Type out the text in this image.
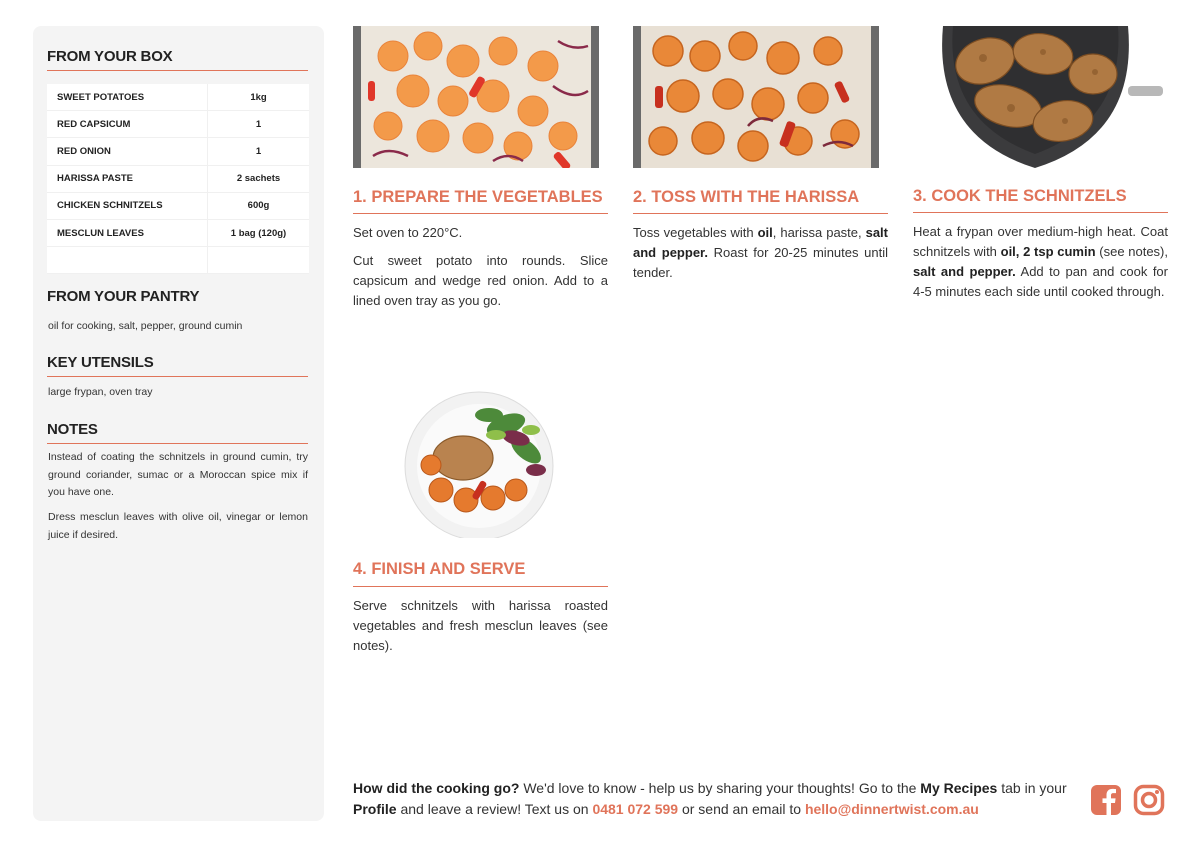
FROM YOUR BOX
SWEET POTATOES	1kg
RED CAPSICUM	1
RED ONION	1
HARISSA PASTE	2 sachets
CHICKEN SCHNITZELS	600g
MESCLUN LEAVES	1 bag (120g)

FROM YOUR PANTRY
oil for cooking, salt, pepper, ground cumin
KEY UTENSILS
large frypan, oven tray
NOTES

Instead of coating the schnitzels in ground cumin, try ground coriander, sumac or a Moroccan spice mix if you have one.

Dress mesclun leaves with olive oil, vinegar or lemon juice if desired.

1. PREPARE THE VEGETABLES

Set oven to 220°C.

Cut sweet potato into rounds. Slice capsicum and wedge red onion. Add to a lined oven tray as you go.

2. TOSS WITH THE HARISSA

Toss vegetables with oil, harissa paste, salt and pepper. Roast for 20-25 minutes until tender.

3. COOK THE SCHNITZELS

Heat a frypan over medium-high heat. Coat schnitzels with oil, 2 tsp cumin (see notes), salt and pepper. Add to pan and cook for 4-5 minutes each side until cooked through.

4. FINISH AND SERVE

Serve schnitzels with harissa roasted vegetables and fresh mesclun leaves (see notes).

How did the cooking go? We'd love to know - help us by sharing your thoughts! Go to the My Recipes tab in your Profile and leave a review! Text us on 0481 072 599 or send an email to hello@dinnertwist.com.au
